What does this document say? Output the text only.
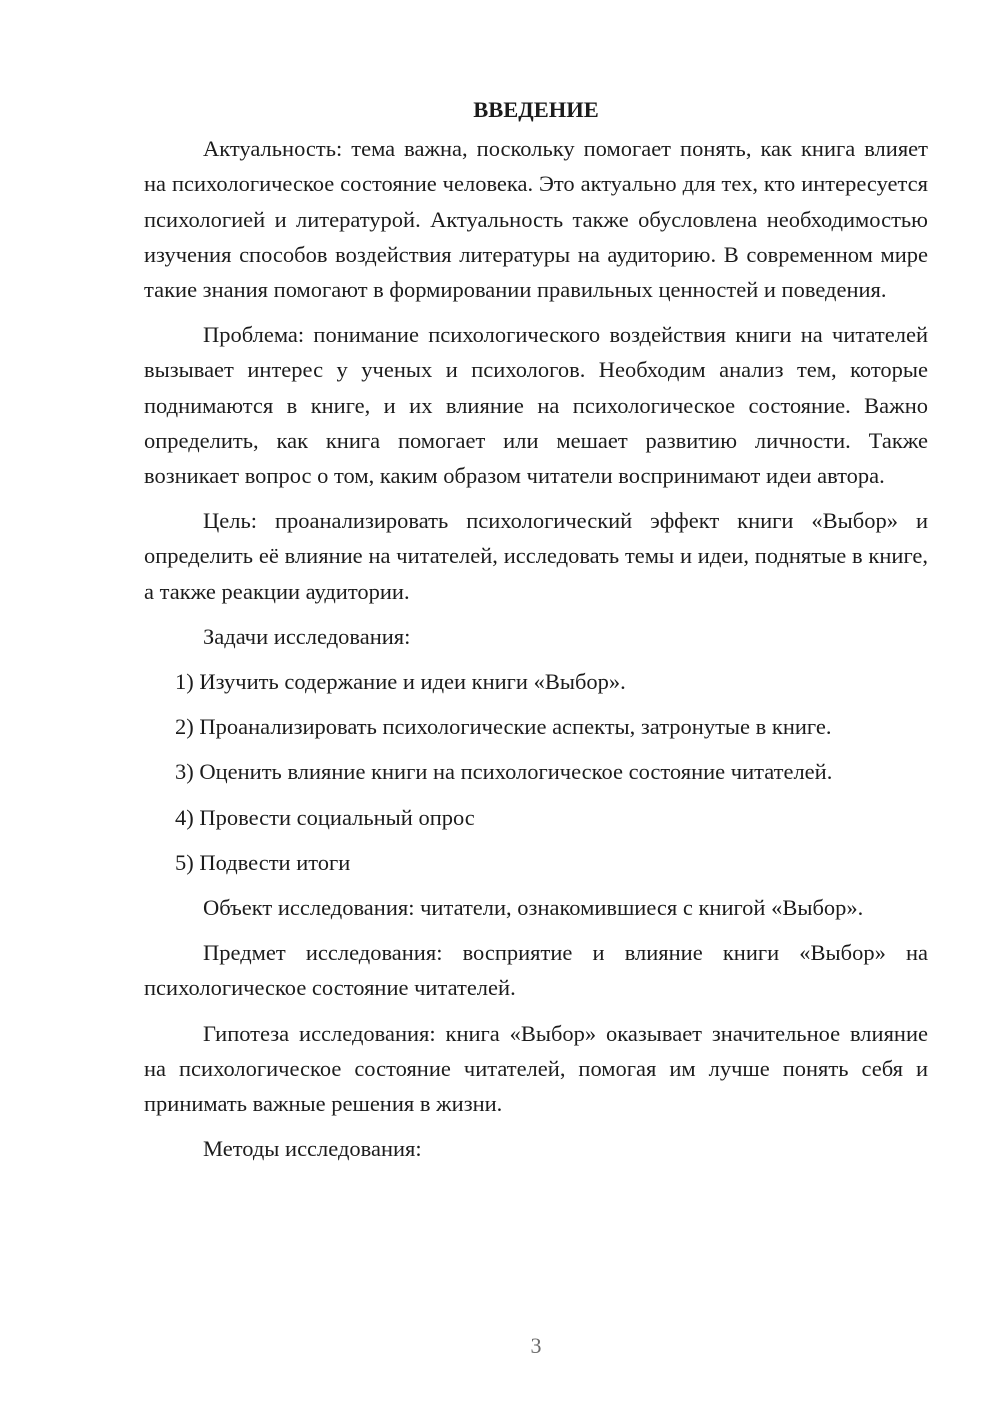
ВВЕДЕНИЕ
Актуальность: тема важна, поскольку помогает понять, как книга влияет на психологическое состояние человека. Это актуально для тех, кто интересуется психологией и литературой. Актуальность также обусловлена необходимостью изучения способов воздействия литературы на аудиторию. В современном мире такие знания помогают в формировании правильных ценностей и поведения.
Проблема: понимание психологического воздействия книги на читателей вызывает интерес у ученых и психологов. Необходим анализ тем, которые поднимаются в книге, и их влияние на психологическое состояние. Важно определить, как книга помогает или мешает развитию личности. Также возникает вопрос о том, каким образом читатели воспринимают идеи автора.
Цель: проанализировать психологический эффект книги «Выбор» и определить её влияние на читателей, исследовать темы и идеи, поднятые в книге, а также реакции аудитории.
Задачи исследования:
1) Изучить содержание и идеи книги «Выбор».
2) Проанализировать психологические аспекты, затронутые в книге.
3) Оценить влияние книги на психологическое состояние читателей.
4) Провести социальный опрос
5) Подвести итоги
Объект исследования: читатели, ознакомившиеся с книгой «Выбор».
Предмет исследования: восприятие и влияние книги «Выбор» на психологическое состояние читателей.
Гипотеза исследования: книга «Выбор» оказывает значительное влияние на психологическое состояние читателей, помогая им лучше понять себя и принимать важные решения в жизни.
Методы исследования:
3
